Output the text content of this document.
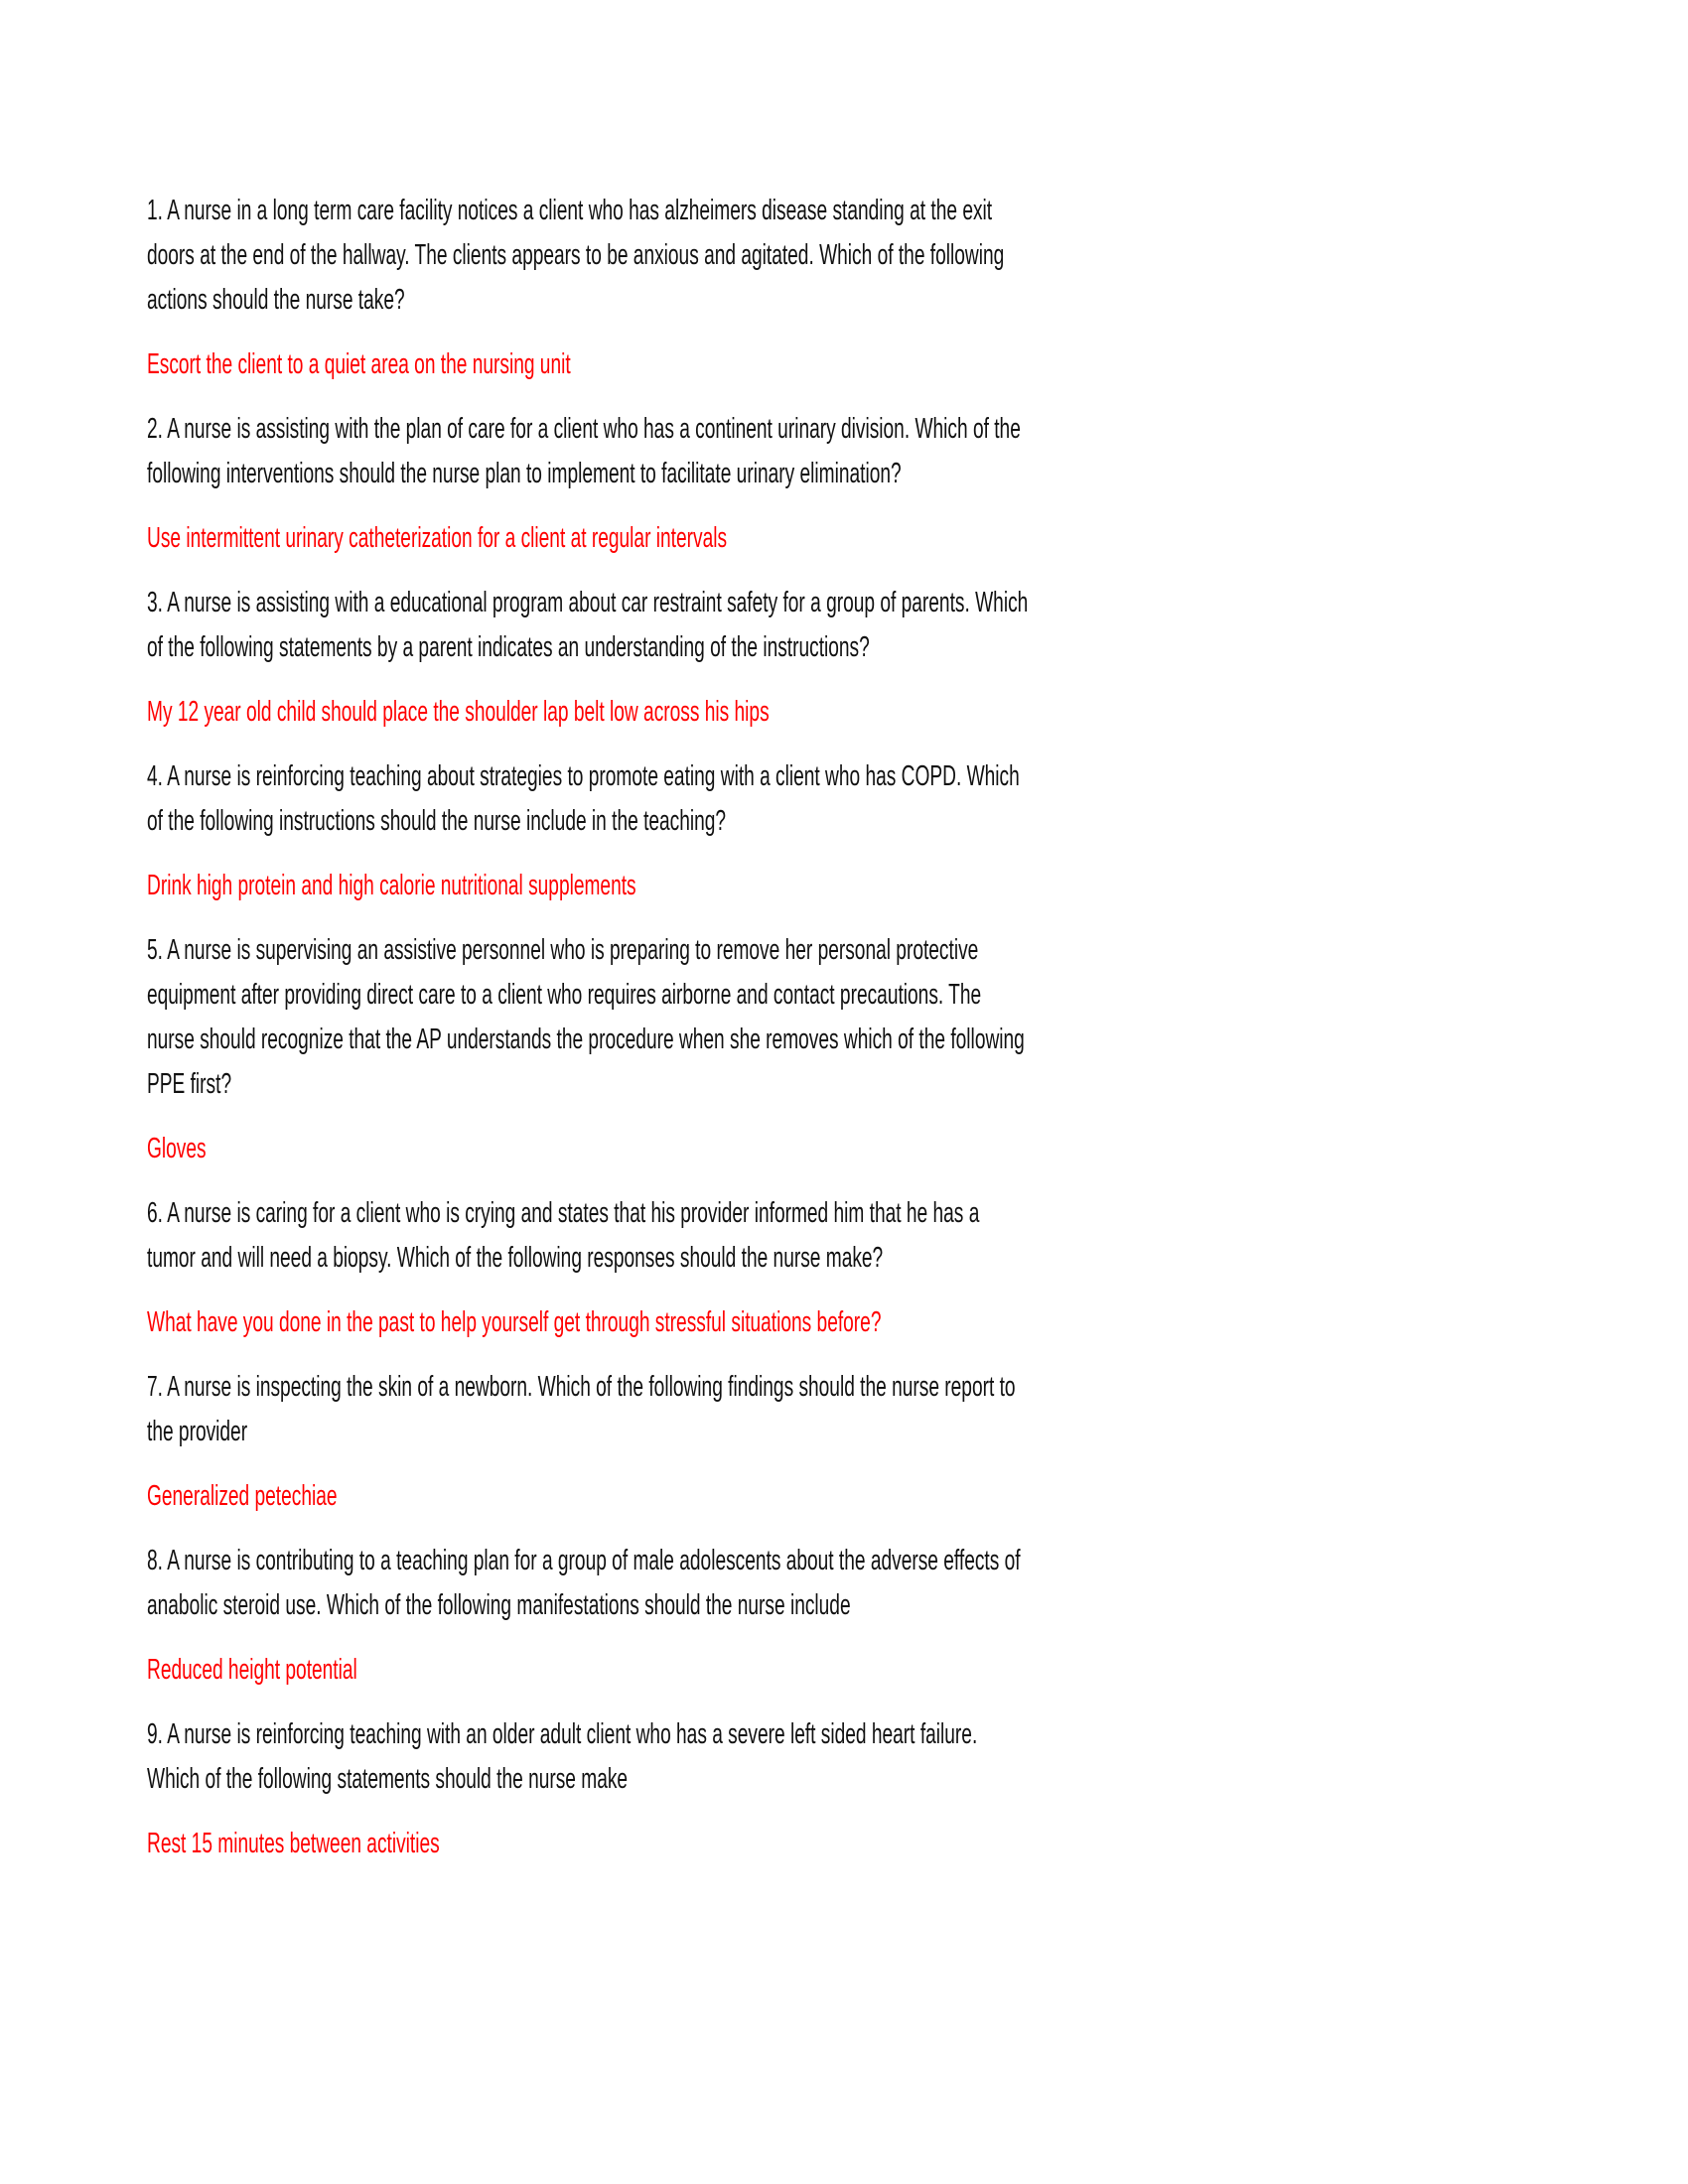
1. A nurse in a long term care facility notices a client who has alzheimers disease standing at the exit
doors at the end of the hallway. The clients appears to be anxious and agitated. Which of the following
actions should the nurse take?
Escort the client to a quiet area on the nursing unit
2. A nurse is assisting with the plan of care for a client who has a continent urinary division. Which of the
following interventions should the nurse plan to implement to facilitate urinary elimination?
Use intermittent urinary catheterization for a client at regular intervals
3. A nurse is assisting with a educational program about car restraint safety for a group of parents. Which
of the following statements by a parent indicates an understanding of the instructions?
My 12 year old child should place the shoulder lap belt low across his hips
4. A nurse is reinforcing teaching about strategies to promote eating with a client who has COPD. Which
of the following instructions should the nurse include in the teaching?
Drink high protein and high calorie nutritional supplements
5. A nurse is supervising an assistive personnel who is preparing to remove her personal protective
equipment after providing direct care to a client who requires airborne and contact precautions. The
nurse should recognize that the AP understands the procedure when she removes which of the following
PPE first?
Gloves
6. A nurse is caring for a client who is crying and states that his provider informed him that he has a
tumor and will need a biopsy. Which of the following responses should the nurse make?
What have you done in the past to help yourself get through stressful situations before?
7. A nurse is inspecting the skin of a newborn. Which of the following findings should the nurse report to
the provider
Generalized petechiae
8. A nurse is contributing to a teaching plan for a group of male adolescents about the adverse effects of
anabolic steroid use. Which of the following manifestations should the nurse include
Reduced height potential
9. A nurse is reinforcing teaching with an older adult client who has a severe left sided heart failure.
Which of the following statements should the nurse make
Rest 15 minutes between activities
